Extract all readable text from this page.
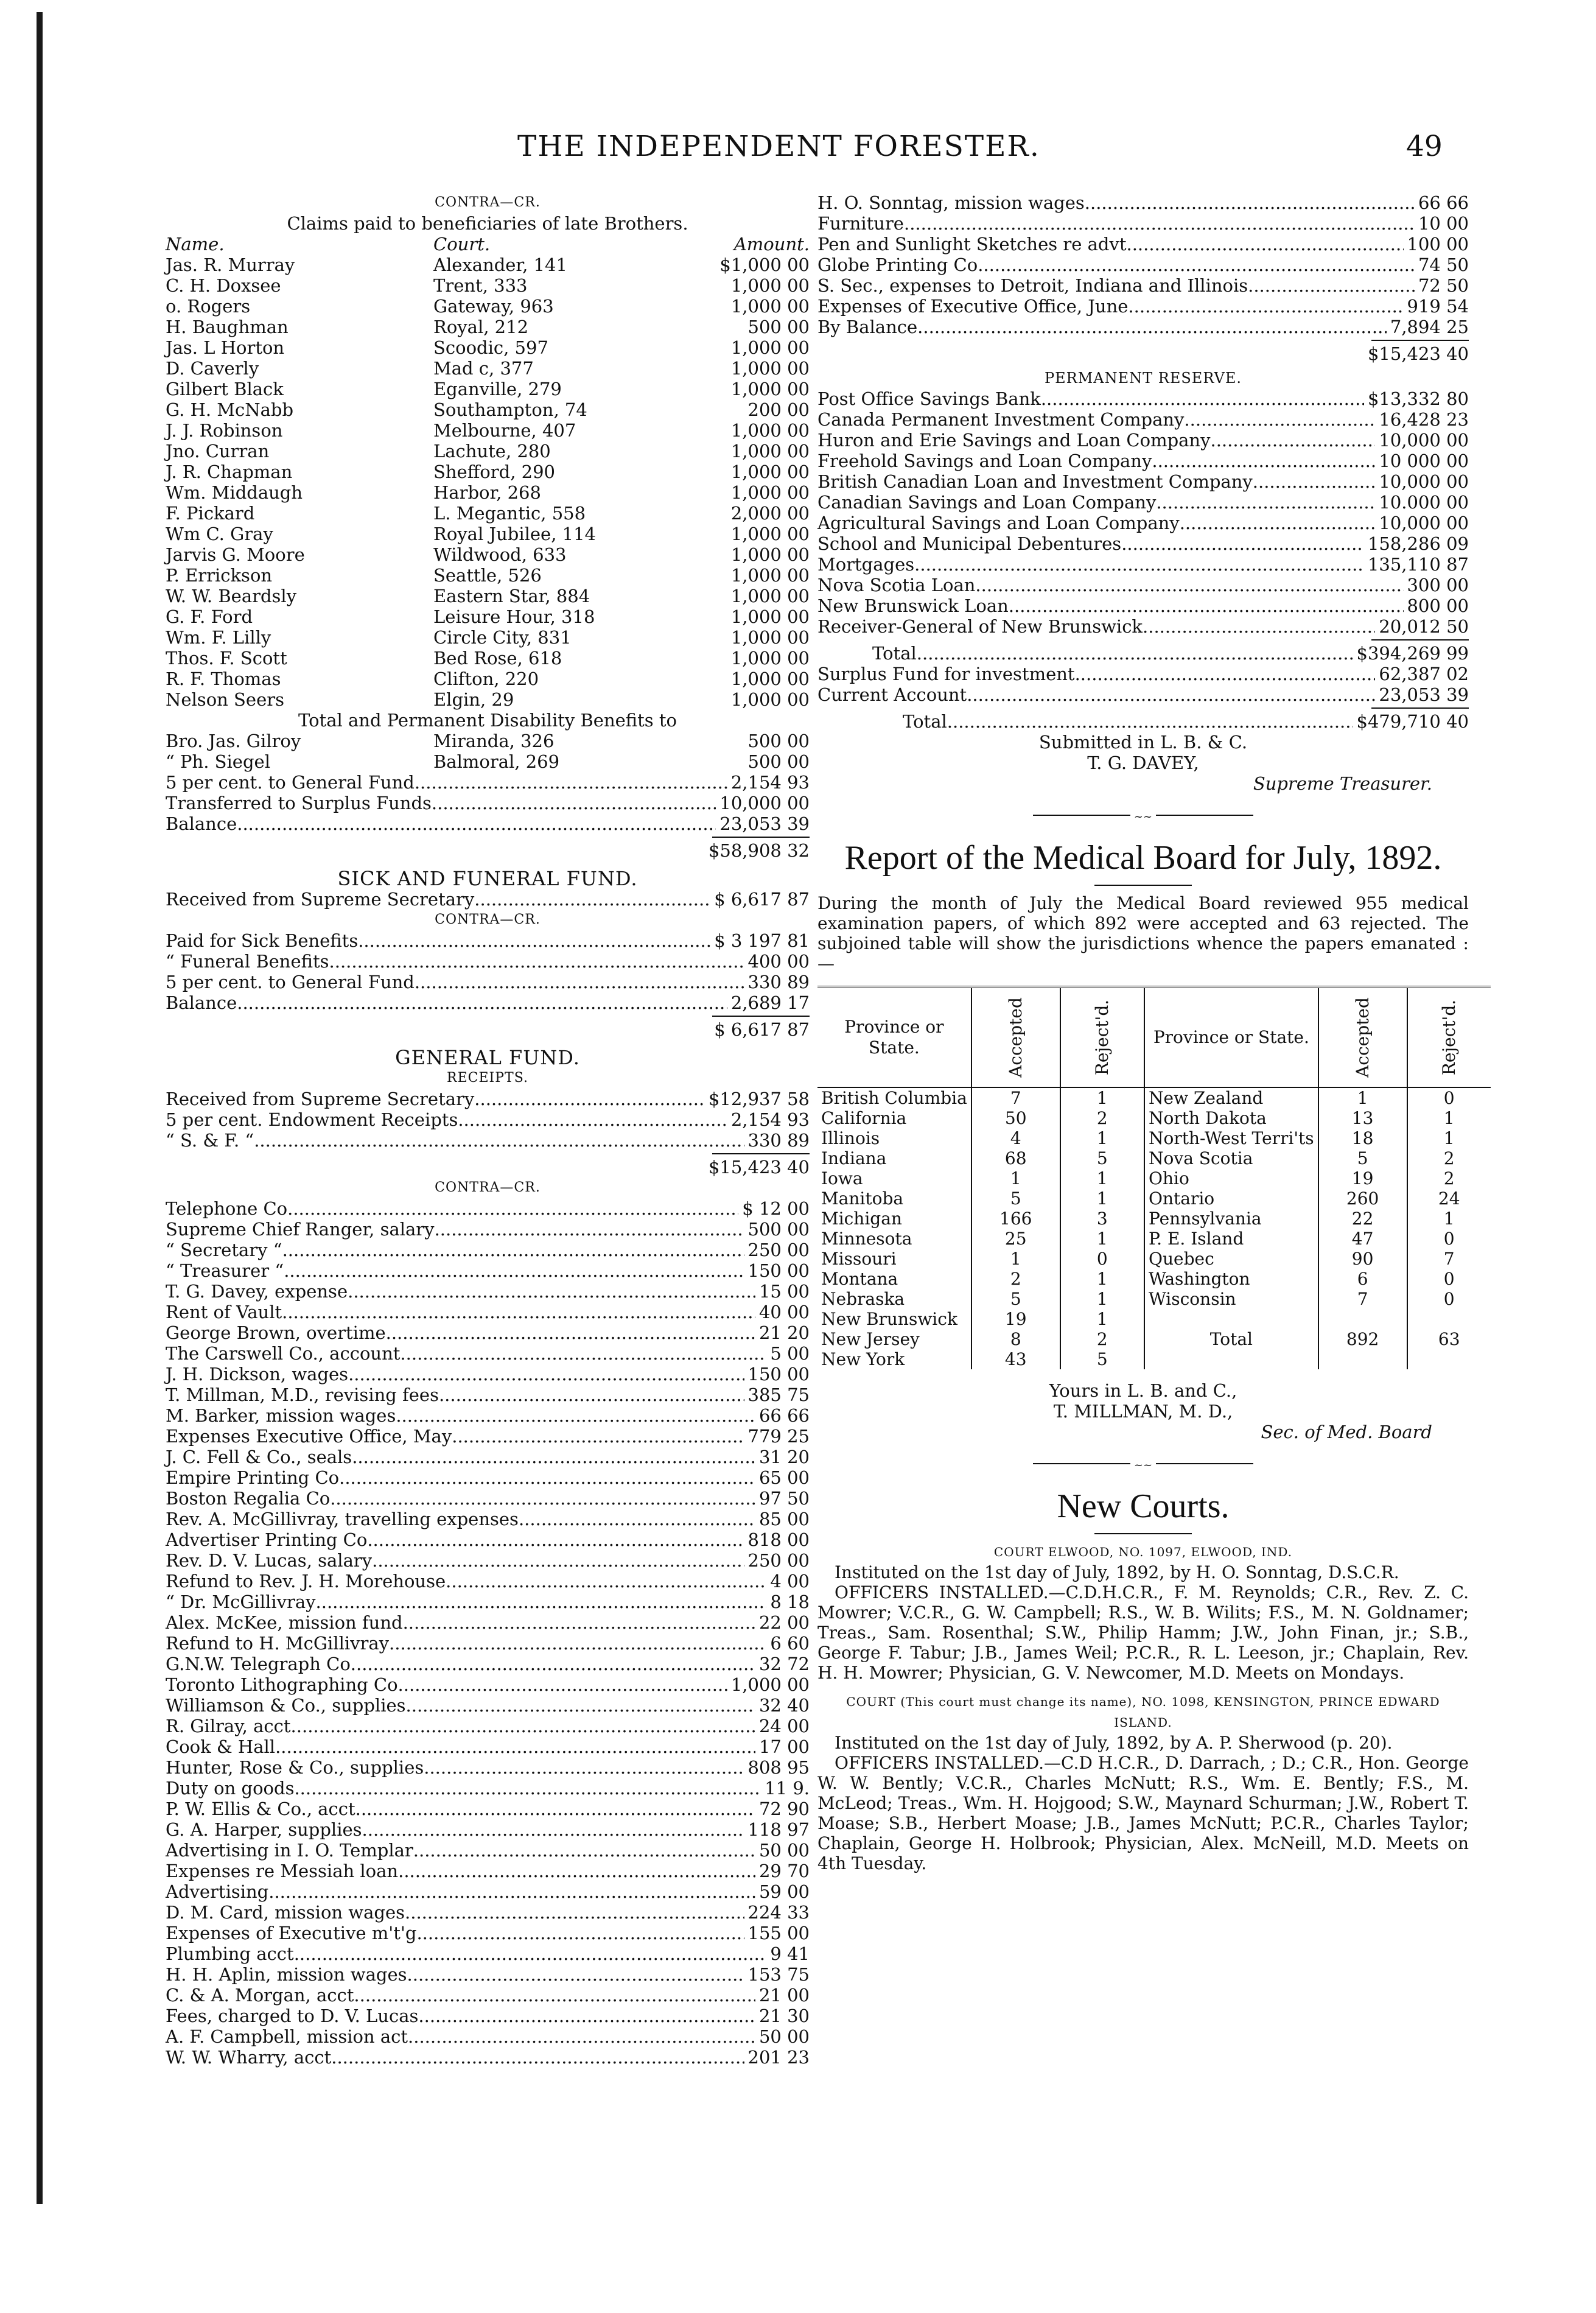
THE INDEPENDENT FORESTER.	49
CONTRA—CR.
Claims paid to beneficiaries of late Brothers.
Name.	Court.	Amount.
Jas. R. Murray	Alexander, 141	$1,000 00
C. H. Doxsee	Trent, 333	1,000 00
o. Rogers	Gateway, 963	1,000 00
H. Baughman	Royal, 212	500 00
Jas. L Horton	Scoodic, 597	1,000 00
D. Caverly	Mad c, 377	1,000 00
Gilbert Black	Eganville, 279	1,000 00
G. H. McNabb	Southampton, 74	200 00
J. J. Robinson	Melbourne, 407	1,000 00
Jno. Curran	Lachute, 280	1,000 00
J. R. Chapman	Shefford, 290	1,000 00
Wm. Middaugh	Harbor, 268	1,000 00
F. Pickard	L. Megantic, 558	2,000 00
Wm C. Gray	Royal Jubilee, 114	1,000 00
Jarvis G. Moore	Wildwood, 633	1,000 00
P. Errickson	Seattle, 526	1,000 00
W. W. Beardsly	Eastern Star, 884	1,000 00
G. F. Ford	Leisure Hour, 318	1,000 00
Wm. F. Lilly	Circle City, 831	1,000 00
Thos. F. Scott	Bed Rose, 618	1,000 00
R. F. Thomas	Clifton, 220	1,000 00
Nelson Seers	Elgin, 29	1,000 00
Total and Permanent Disability Benefits to
Bro. Jas. Gilroy	Miranda, 326	500 00
“ Ph. Siegel	Balmoral, 269	500 00
5 per cent. to General Fund .....	2,154 93
Transferred to Surplus Funds .....	10,000 00
Balance .....	23,053 39
$58,908 32
SICK AND FUNERAL FUND.
Received from Supreme Secretary .....	$ 6,617 87
CONTRA—CR.
Paid for Sick Benefits .....	$ 3 197 81
“ Funeral Benefits .....	400 00
5 per cent. to General Fund .....	330 89
Balance .....	2,689 17
$ 6,617 87
GENERAL FUND.
RECEIPTS.
Received from Supreme Secretary .....	$12,937 58
5 per cent. Endowment Receipts .....	2,154 93
“ S. & F. “ .....	330 89
$15,423 40
CONTRA—CR.
Telephone Co .....	$ 12 00
Supreme Chief Ranger, salary .....	500 00
“ Secretary “ .....	250 00
“ Treasurer “ .....	150 00
T. G. Davey, expense .....	15 00
Rent of Vault .....	40 00
George Brown, overtime .....	21 20
The Carswell Co., account .....	5 00
J. H. Dickson, wages .....	150 00
T. Millman, M.D., revising fees .....	385 75
M. Barker, mission wages .....	66 66
Expenses Executive Office, May .....	779 25
J. C. Fell & Co., seals .....	31 20
Empire Printing Co .....	65 00
Boston Regalia Co .....	97 50
Rev. A. McGillivray, travelling expenses .....	85 00
Advertiser Printing Co .....	818 00
Rev. D. V. Lucas, salary .....	250 00
Refund to Rev. J. H. Morehouse .....	4 00
“ Dr. McGillivray .....	8 18
Alex. McKee, mission fund .....	22 00
Refund to H. McGillivray .....	6 60
G.N.W. Telegraph Co .....	32 72
Toronto Lithographing Co .....	1,000 00
Williamson & Co., supplies .....	32 40
R. Gilray, acct .....	24 00
Cook & Hall .....	17 00
Hunter, Rose & Co., supplies .....	808 95
Duty on goods .....	11 9.
P. W. Ellis & Co., acct .....	72 90
G. A. Harper, supplies .....	118 97
Advertising in I. O. Templar .....	50 00
Expenses re Messiah loan .....	29 70
Advertising .....	59 00
D. M. Card, mission wages .....	224 33
Expenses of Executive m't'g .....	155 00
Plumbing acct .....	9 41
H. H. Aplin, mission wages .....	153 75
C. & A. Morgan, acct .....	21 00
Fees, charged to D. V. Lucas .....	21 30
A. F. Campbell, mission act .....	50 00
W. W. Wharry, acct .....	201 23
H. O. Sonntag, mission wages .....	66 66
Furniture .....	10 00
Pen and Sunlight Sketches re advt .....	100 00
Globe Printing Co .....	74 50
S. Sec., expenses to Detroit, Indiana and Illinois .....	72 50
Expenses of Executive Office, June .....	919 54
By Balance .....	7,894 25
$15,423 40
PERMANENT RESERVE.
Post Office Savings Bank .....	$13,332 80
Canada Permanent Investment Company .....	16,428 23
Huron and Erie Savings and Loan Company .....	10,000 00
Freehold Savings and Loan Company .....	10 000 00
British Canadian Loan and Investment Company .....	10,000 00
Canadian Savings and Loan Company .....	10.000 00
Agricultural Savings and Loan Company .....	10,000 00
School and Municipal Debentures .....	158,286 09
Mortgages .....	135,110 87
Nova Scotia Loan .....	300 00
New Brunswick Loan .....	800 00
Receiver-General of New Brunswick .....	20,012 50
Total .....	$394,269 99
Surplus Fund for investment .....	62,387 02
Current Account .....	23,053 39
Total. .....	$479,710 40
Submitted in L. B. & C.
T. G. DAVEY,
Supreme Treasurer.
~~
Report of the Medical Board for July, 1892.
During the month of July the Medical Board reviewed 955 medical examination papers, of which 892 were accepted and 63 rejected. The subjoined table will show the jurisdictions whence the papers emanated :—
Province or State.	Accepted	Reject'd.	Province or State.	Accepted	Reject'd.
British Columbia	7	1	New Zealand	1	0
California	50	2	North Dakota	13	1
Illinois	4	1	North-West Terri'ts	18	1
Indiana	68	5	Nova Scotia	5	2
Iowa	1	1	Ohio	19	2
Manitoba	5	1	Ontario	260	24
Michigan	166	3	Pennsylvania	22	1
Minnesota	25	1	P. E. Island	47	0
Missouri	1	0	Quebec	90	7
Montana	2	1	Washington	6	0
Nebraska	5	1	Wisconsin	7	0
New Brunswick	19	1			
New Jersey	8	2	Total	892	63
New York	43	5			
Yours in L. B. and C.,
T. MILLMAN, M. D.,
Sec. of Med. Board
~~
New Courts.
COURT ELWOOD, NO. 1097, ELWOOD, IND.
Instituted on the 1st day of July, 1892, by H. O. Sonntag, D.S.C.R.
OFFICERS INSTALLED.—C.D.H.C.R., F. M. Reynolds; C.R., Rev. Z. C. Mowrer; V.C.R., G. W. Campbell; R.S., W. B. Wilits; F.S., M. N. Goldnamer; Treas., Sam. Rosenthal; S.W., Philip Hamm; J.W., John Finan, jr.; S.B., George F. Tabur; J.B., James Weil; P.C.R., R. L. Leeson, jr.; Chaplain, Rev. H. H. Mowrer; Physician, G. V. Newcomer, M.D. Meets on Mondays.
COURT (This court must change its name), NO. 1098, KENSINGTON, PRINCE EDWARD ISLAND.
Instituted on the 1st day of July, 1892, by A. P. Sherwood (p. 20).
OFFICERS INSTALLED.—C.D H.C.R., D. Darrach, ; D.; C.R., Hon. George W. W. Bently; V.C.R., Charles McNutt; R.S., Wm. E. Bently; F.S., M. McLeod; Treas., Wm. H. Hojgood; S.W., Maynard Schurman; J.W., Robert T. Moase; S.B., Herbert Moase; J.B., James McNutt; P.C.R., Charles Taylor; Chaplain, George H. Holbrook; Physician, Alex. McNeill, M.D. Meets on 4th Tuesday.
